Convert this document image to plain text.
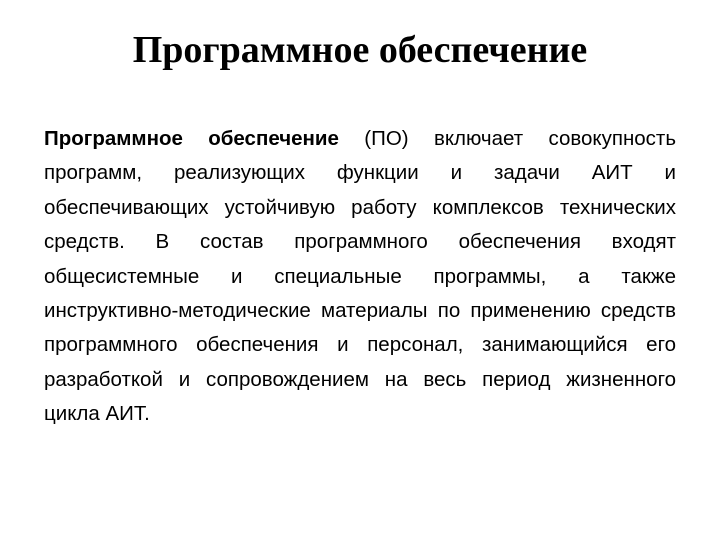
Программное обеспечение

Программное обеспечение (ПО) включает совокупность программ, реализующих функции и задачи АИТ и обеспечивающих устойчивую работу комплексов технических средств. В состав программного обеспечения входят общесистемные и специальные программы, а также инструктивно-методические материалы по применению средств программного обеспечения и персонал, занимающийся его разработкой и сопровождением на весь период жизненного цикла АИТ.
